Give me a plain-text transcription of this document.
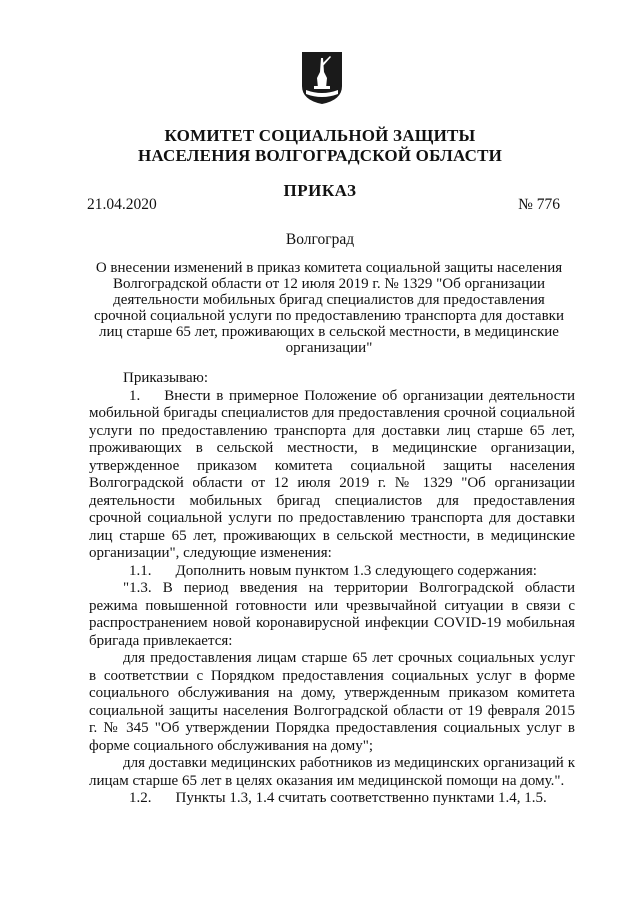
КОМИТЕТ СОЦИАЛЬНОЙ ЗАЩИТЫ
НАСЕЛЕНИЯ ВОЛГОГРАДСКОЙ ОБЛАСТИ
ПРИКАЗ
21.04.2020	№ 776
Волгоград
О внесении изменений в приказ комитета социальной защиты населения Волгоградской области от 12 июля 2019 г. № 1329 "Об организации деятельности мобильных бригад специалистов для предоставления срочной социальной услуги по предоставлению транспорта для доставки лиц старше 65 лет, проживающих в сельской местности, в медицинские организации"

Приказываю:

1. Внести в примерное Положение об организации деятельности мобильной бригады специалистов для предоставления срочной социальной услуги по предоставлению транспорта для доставки лиц старше 65 лет, проживающих в сельской местности, в медицинские организации, утвержденное приказом комитета социальной защиты населения Волгоградской области от 12 июля 2019 г. № 1329 "Об организации деятельности мобильных бригад специалистов для предоставления срочной социальной услуги по предоставлению транспорта для доставки лиц старше 65 лет, проживающих в сельской местности, в медицинские организации", следующие изменения:

1.1. Дополнить новым пунктом 1.3 следующего содержания:

"1.3. В период введения на территории Волгоградской области режима повышенной готовности или чрезвычайной ситуации в связи с распространением новой коронавирусной инфекции COVID-19 мобильная бригада привлекается:

для предоставления лицам старше 65 лет срочных социальных услуг в соответствии с Порядком предоставления социальных услуг в форме социального обслуживания на дому, утвержденным приказом комитета социальной защиты населения Волгоградской области от 19 февраля 2015 г. № 345 "Об утверждении Порядка предоставления социальных услуг в форме социального обслуживания на дому";

для доставки медицинских работников из медицинских организаций к лицам старше 65 лет в целях оказания им медицинской помощи на дому.".

1.2. Пункты 1.3, 1.4 считать соответственно пунктами 1.4, 1.5.
